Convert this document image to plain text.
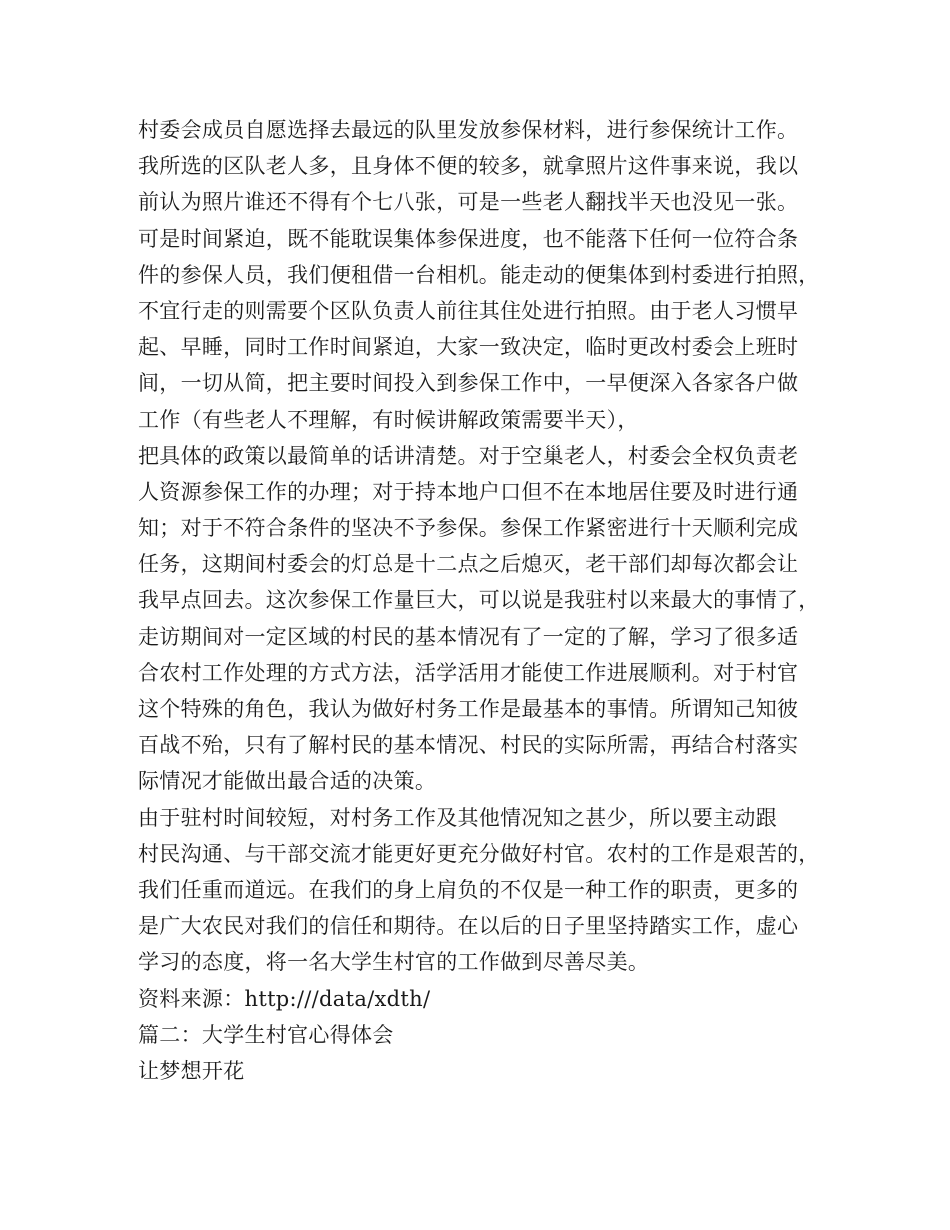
村委会成员自愿选择去最远的队里发放参保材料，进行参保统计工作。
我所选的区队老人多，且身体不便的较多，就拿照片这件事来说，我以
前认为照片谁还不得有个七八张，可是一些老人翻找半天也没见一张。
可是时间紧迫，既不能耽误集体参保进度，也不能落下任何一位符合条
件的参保人员，我们便租借一台相机。能走动的便集体到村委进行拍照，
不宜行走的则需要个区队负责人前往其住处进行拍照。由于老人习惯早
起、早睡，同时工作时间紧迫，大家一致决定，临时更改村委会上班时
间，一切从简，把主要时间投入到参保工作中，一早便深入各家各户做
工作（有些老人不理解，有时候讲解政策需要半天），
把具体的政策以最简单的话讲清楚。对于空巢老人，村委会全权负责老
人资源参保工作的办理；对于持本地户口但不在本地居住要及时进行通
知；对于不符合条件的坚决不予参保。参保工作紧密进行十天顺利完成
任务，这期间村委会的灯总是十二点之后熄灭，老干部们却每次都会让
我早点回去。这次参保工作量巨大，可以说是我驻村以来最大的事情了，
走访期间对一定区域的村民的基本情况有了一定的了解，学习了很多适
合农村工作处理的方式方法，活学活用才能使工作进展顺利。对于村官
这个特殊的角色，我认为做好村务工作是最基本的事情。所谓知己知彼
百战不殆，只有了解村民的基本情况、村民的实际所需，再结合村落实
际情况才能做出最合适的决策。
由于驻村时间较短，对村务工作及其他情况知之甚少，所以要主动跟
村民沟通、与干部交流才能更好更充分做好村官。农村的工作是艰苦的，
我们任重而道远。在我们的身上肩负的不仅是一种工作的职责，更多的
是广大农民对我们的信任和期待。在以后的日子里坚持踏实工作，虚心
学习的态度，将一名大学生村官的工作做到尽善尽美。
资料来源：http:///data/xdth/
篇二：大学生村官心得体会
让梦想开花
